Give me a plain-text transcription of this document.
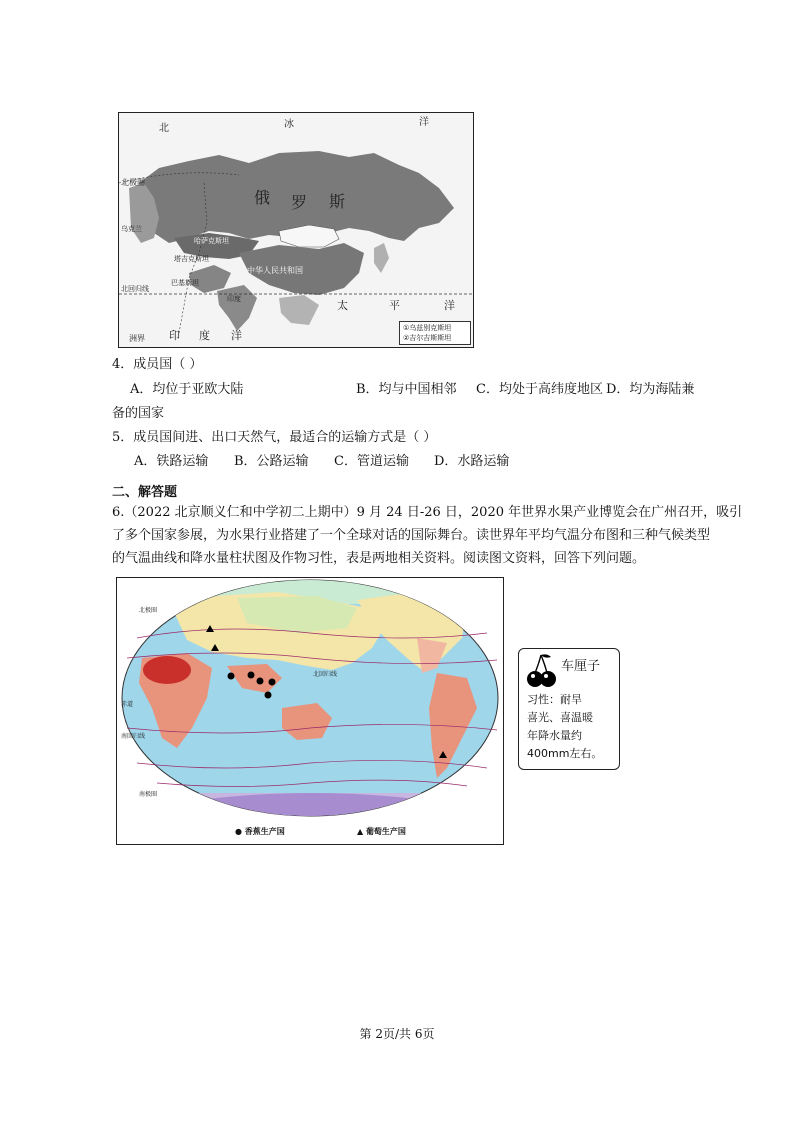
北	冰	洋
北极圈
俄 罗 斯
乌克兰
哈萨克斯坦
塔吉克斯坦
中华人民共和国
北回归线
巴基斯坦
印度
洲界 印 度 洋
太	平	洋
①乌兹别克斯坦
②吉尔吉斯斯坦
4．成员国（ ）
A．均位于亚欧大陆	B．均与中国相邻 C．均处于高纬度地区 D．均为海陆兼
备的国家
5．成员国间进、出口天然气，最适合的运输方式是（ ）
A．铁路运输 B．公路运输 C．管道运输 D．水路运输
二、解答题
6.（2022 北京顺义仁和中学初二上期中）9 月 24 日-26 日，2020 年世界水果产业博览会在广州召开，吸引
了多个国家参展，为水果行业搭建了一个全球对话的国际舞台。读世界年平均气温分布图和三种气候类型
的气温曲线和降水量柱状图及作物习性，表是两地相关资料。阅读图文资料，回答下列问题。
北极圈
北回归线
赤道
南回归线
南极圈
● 香蕉生产国	▲ 葡萄生产国
车厘子
习性：耐旱
喜光、喜温暖
年降水量约
400mm左右。
第 2页/共 6页
